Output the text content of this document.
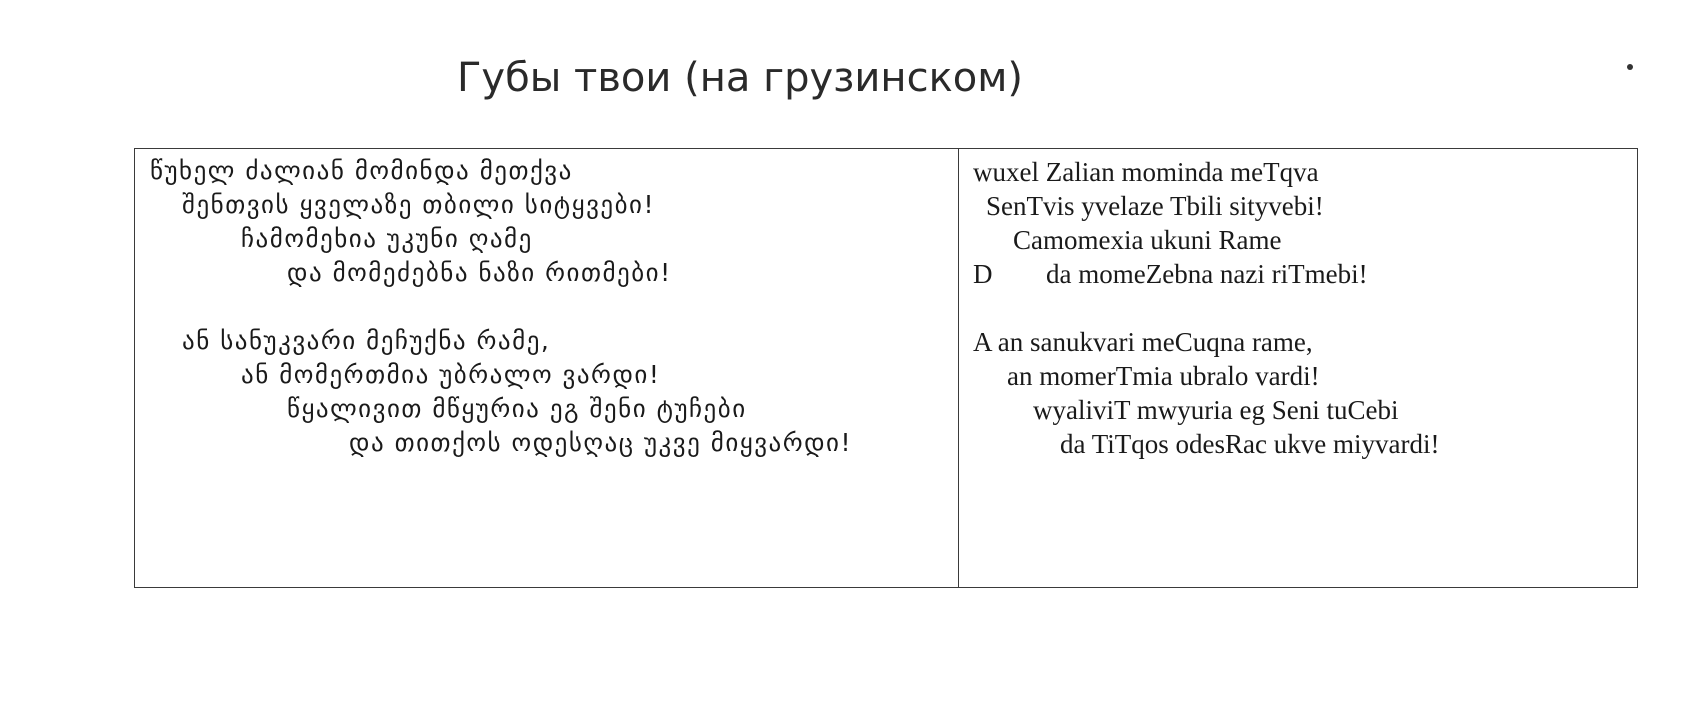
Губы твои (на грузинском)
წუხელ ძალიან მომინდა მეთქვა
შენთვის ყველაზე თბილი სიტყვები!
ჩამომეხია უკუნი ღამე
და მომეძებნა ნაზი რითმები!
ან სანუკვარი მეჩუქნა რამე,
ან მომერთმია უბრალო ვარდი!
წყალივით მწყურია ეგ შენი ტუჩები
და თითქოს ოდესღაც უკვე მიყვარდი!
wuxel Zalian mominda meTqva
SenTvis yvelaze Tbili sityvebi!
Camomexia ukuni Rame
D da momeZebna nazi riTmebi!
A an sanukvari meCuqna rame,
an momerTmia ubralo vardi!
wyaliviT mwyuria eg Seni tuCebi
da TiTqos odesRac ukve miyvardi!
